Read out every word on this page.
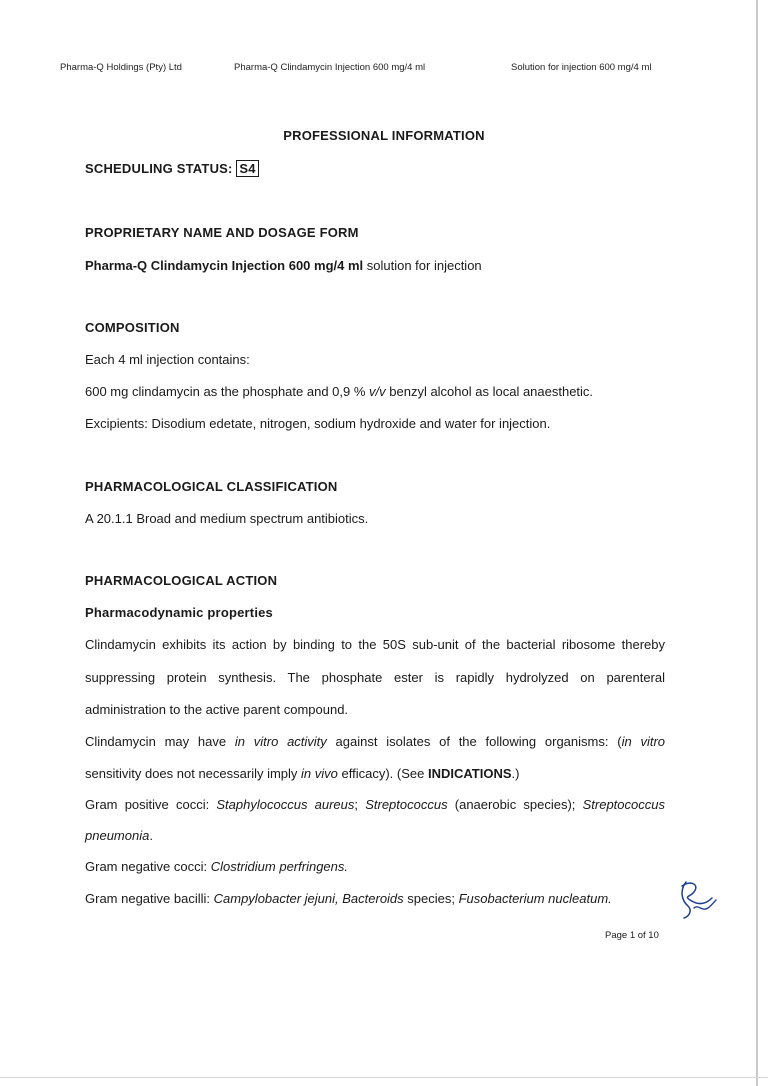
Pharma-Q Holdings (Pty) Ltd	Pharma-Q Clindamycin Injection 600 mg/4 ml	Solution for injection 600 mg/4 ml
PROFESSIONAL INFORMATION
SCHEDULING STATUS: S4
PROPRIETARY NAME AND DOSAGE FORM
Pharma-Q Clindamycin Injection 600 mg/4 ml solution for injection
COMPOSITION
Each 4 ml injection contains:
600 mg clindamycin as the phosphate and 0,9 % v/v benzyl alcohol as local anaesthetic.
Excipients: Disodium edetate, nitrogen, sodium hydroxide and water for injection.
PHARMACOLOGICAL CLASSIFICATION
A 20.1.1 Broad and medium spectrum antibiotics.
PHARMACOLOGICAL ACTION
Pharmacodynamic properties
Clindamycin exhibits its action by binding to the 50S sub-unit of the bacterial ribosome thereby
suppressing protein synthesis. The phosphate ester is rapidly hydrolyzed on parenteral
administration to the active parent compound.
Clindamycin may have in vitro activity against isolates of the following organisms: (in vitro
sensitivity does not necessarily imply in vivo efficacy). (See INDICATIONS.)
Gram positive cocci: Staphylococcus aureus; Streptococcus (anaerobic species); Streptococcus
pneumonia.
Gram negative cocci: Clostridium perfringens.
Gram negative bacilli: Campylobacter jejuni, Bacteroids species; Fusobacterium nucleatum.
Page 1 of 10
